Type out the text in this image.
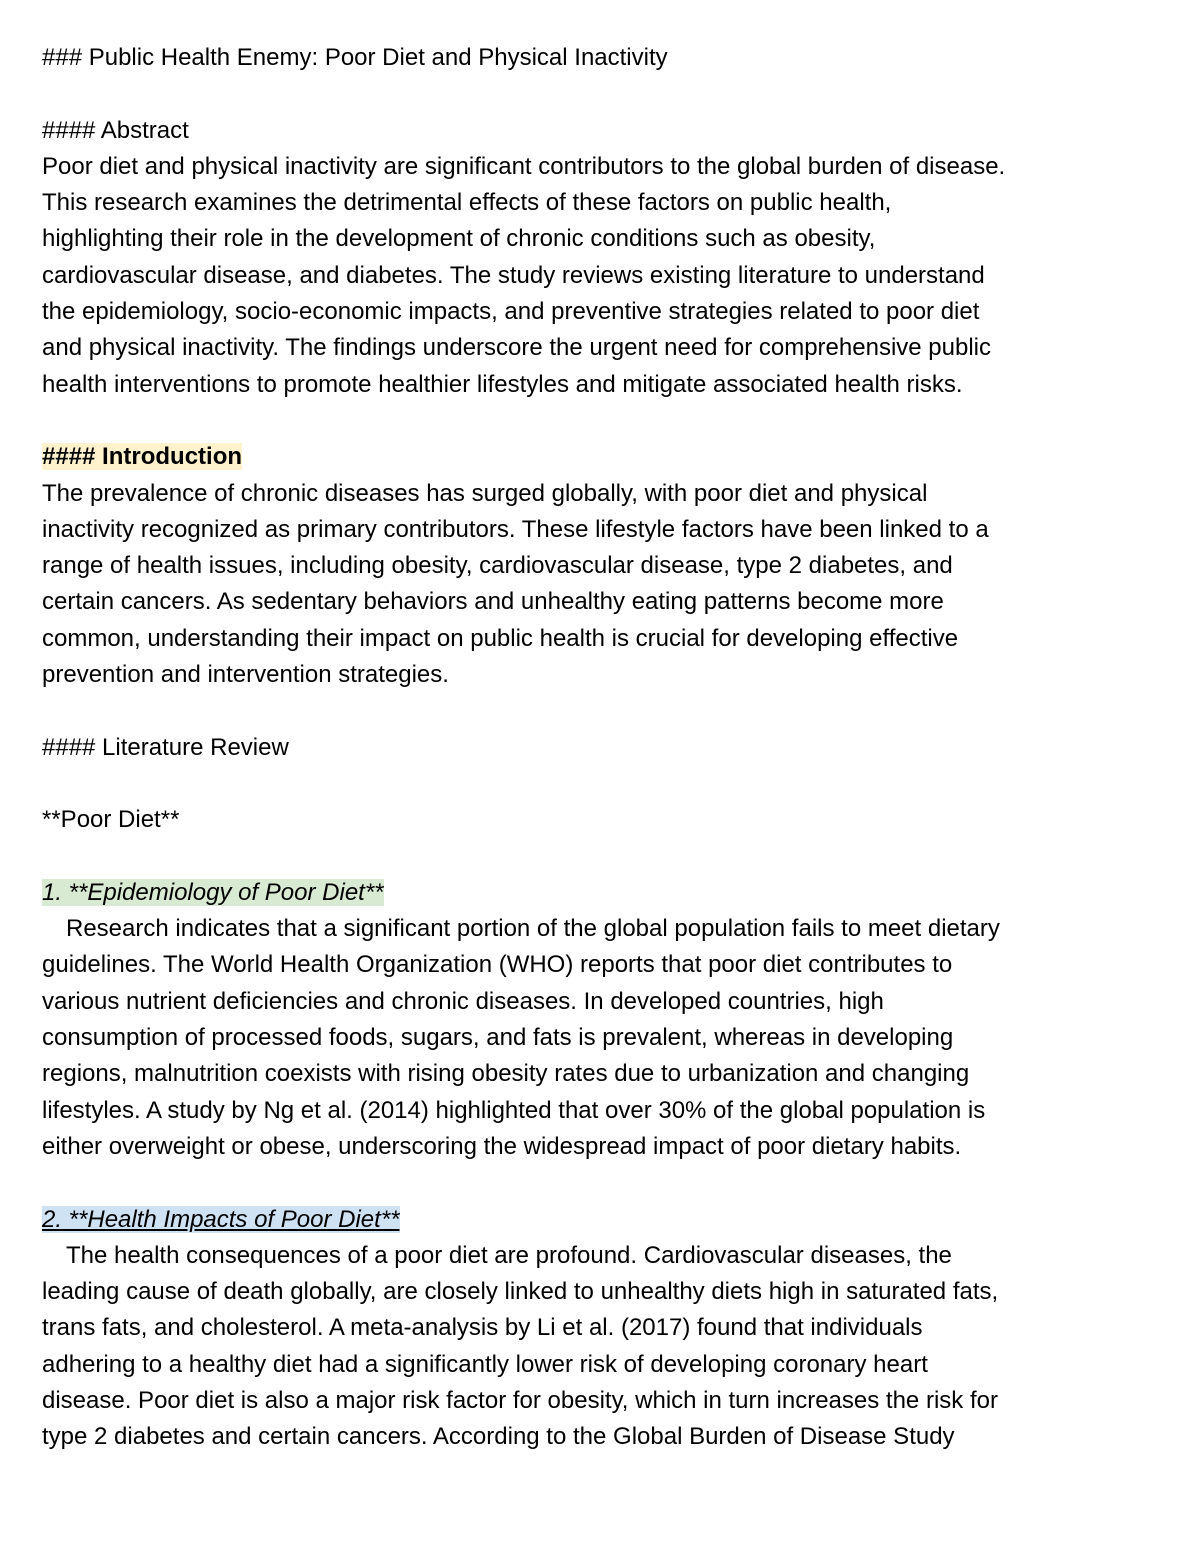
### Public Health Enemy: Poor Diet and Physical Inactivity
#### Abstract
Poor diet and physical inactivity are significant contributors to the global burden of disease.
This research examines the detrimental effects of these factors on public health,
highlighting their role in the development of chronic conditions such as obesity,
cardiovascular disease, and diabetes. The study reviews existing literature to understand
the epidemiology, socio-economic impacts, and preventive strategies related to poor diet
and physical inactivity. The findings underscore the urgent need for comprehensive public
health interventions to promote healthier lifestyles and mitigate associated health risks.
#### Introduction
The prevalence of chronic diseases has surged globally, with poor diet and physical
inactivity recognized as primary contributors. These lifestyle factors have been linked to a
range of health issues, including obesity, cardiovascular disease, type 2 diabetes, and
certain cancers. As sedentary behaviors and unhealthy eating patterns become more
common, understanding their impact on public health is crucial for developing effective
prevention and intervention strategies.
#### Literature Review
**Poor Diet**
1. **Epidemiology of Poor Diet**
Research indicates that a significant portion of the global population fails to meet dietary
guidelines. The World Health Organization (WHO) reports that poor diet contributes to
various nutrient deficiencies and chronic diseases. In developed countries, high
consumption of processed foods, sugars, and fats is prevalent, whereas in developing
regions, malnutrition coexists with rising obesity rates due to urbanization and changing
lifestyles. A study by Ng et al. (2014) highlighted that over 30% of the global population is
either overweight or obese, underscoring the widespread impact of poor dietary habits.
2. **Health Impacts of Poor Diet**
The health consequences of a poor diet are profound. Cardiovascular diseases, the
leading cause of death globally, are closely linked to unhealthy diets high in saturated fats,
trans fats, and cholesterol. A meta-analysis by Li et al. (2017) found that individuals
adhering to a healthy diet had a significantly lower risk of developing coronary heart
disease. Poor diet is also a major risk factor for obesity, which in turn increases the risk for
type 2 diabetes and certain cancers. According to the Global Burden of Disease Study
